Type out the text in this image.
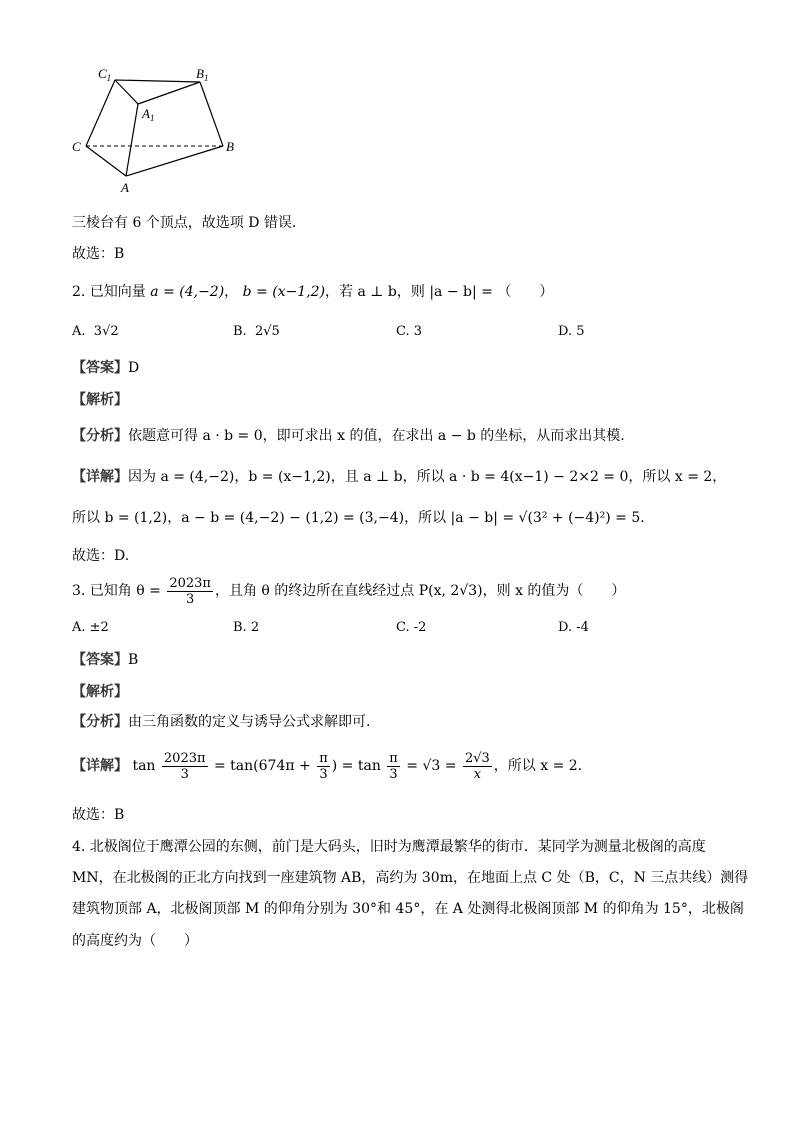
$C_1$	$B_1$
$A_1$
C	B
A
三棱台有 6 个顶点，故选项 D 错误.
故选：B
2. 已知向量 a = (4,−2)， b = (x−1,2)，若 a ⊥ b，则 |a − b| = （　　）
A. 3√2	B. 2√5	C. 3	D. 5
【答案】D
【解析】
【分析】依题意可得 a · b = 0，即可求出 x 的值，在求出 a − b 的坐标，从而求出其模.
【详解】因为 a = (4,−2)，b = (x−1,2)，且 a ⊥ b，所以 a · b = 4(x−1) − 2×2 = 0，所以 x = 2，
所以 b = (1,2)，a − b = (4,−2) − (1,2) = (3,−4)，所以 |a − b| = √(3² + (−4)²) = 5.
故选：D.
3. 已知角 $\theta = \frac{2023\pi}{3}$ ，且角 θ 的终边所在直线经过点 P(x, 2√3)，则 x 的值为（　　）
A. ±2	B. 2	C. -2	D. -4
【答案】B
【解析】
【分析】由三角函数的定义与诱导公式求解即可.
【详解】 $\tan \frac{2023\pi}{3} = \tan(674\pi + \frac{\pi}{3}$ ) = $\tan \frac{\pi}{3} = √3 = \frac{2√3}{x}$ ，所以 x = 2.
故选：B
4. 北极阁位于鹰潭公园的东侧，前门是大码头，旧时为鹰潭最繁华的街市．某同学为测量北极阁的高度
MN，在北极阁的正北方向找到一座建筑物 AB，高约为 30m，在地面上点 C 处（B，C，N 三点共线）测得
建筑物顶部 A，北极阁顶部 M 的仰角分别为 30°和 45°，在 A 处测得北极阁顶部 M 的仰角为 15°，北极阁
的高度约为（　　）
